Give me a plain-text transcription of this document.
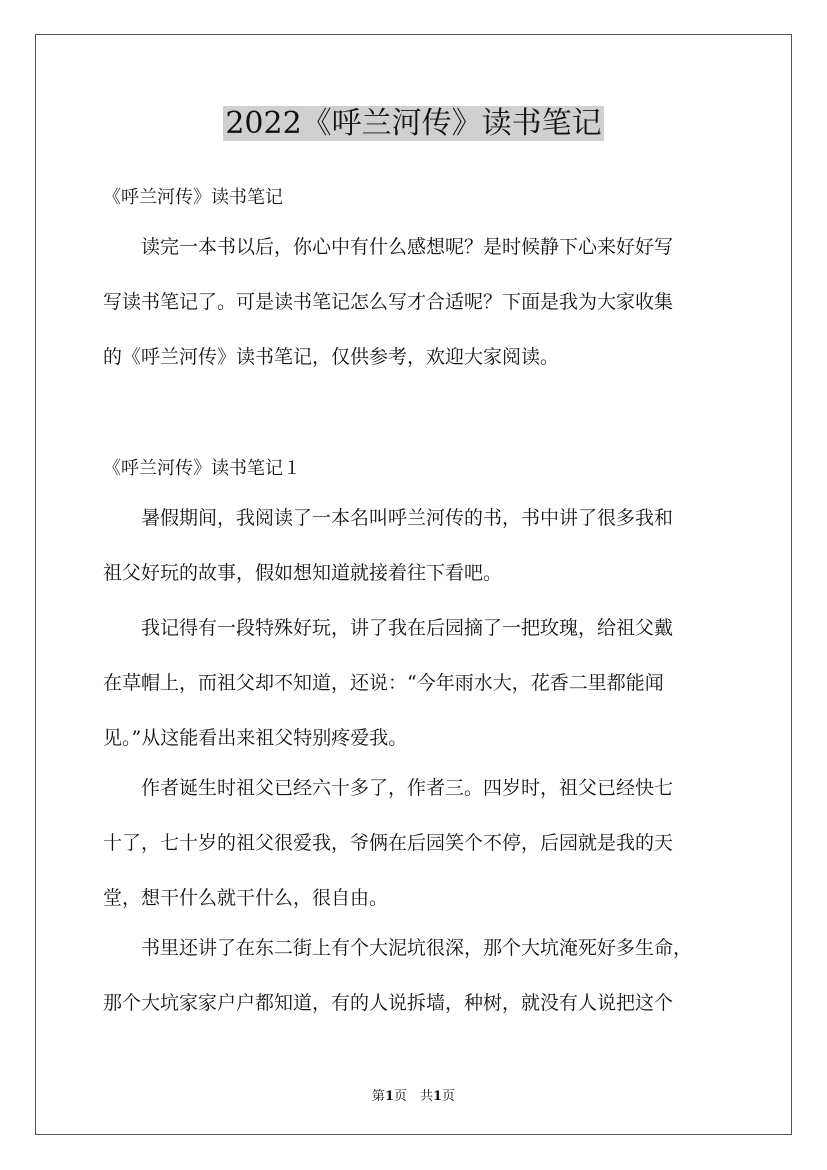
2022《呼兰河传》读书笔记
《呼兰河传》读书笔记
读完一本书以后，你心中有什么感想呢？是时候静下心来好好写
写读书笔记了。可是读书笔记怎么写才合适呢？下面是我为大家收集
的《呼兰河传》读书笔记，仅供参考，欢迎大家阅读。
《呼兰河传》读书笔记１
暑假期间，我阅读了一本名叫呼兰河传的书，书中讲了很多我和
祖父好玩的故事，假如想知道就接着往下看吧。
我记得有一段特殊好玩，讲了我在后园摘了一把玫瑰，给祖父戴
在草帽上，而祖父却不知道，还说：“今年雨水大，花香二里都能闻
见。”从这能看出来祖父特别疼爱我。
作者诞生时祖父已经六十多了，作者三。四岁时，祖父已经快七
十了，七十岁的祖父很爱我，爷俩在后园笑个不停，后园就是我的天
堂，想干什么就干什么，很自由。
书里还讲了在东二街上有个大泥坑很深，那个大坑淹死好多生命，
那个大坑家家户户都知道，有的人说拆墙，种树，就没有人说把这个
第1页　共1页
